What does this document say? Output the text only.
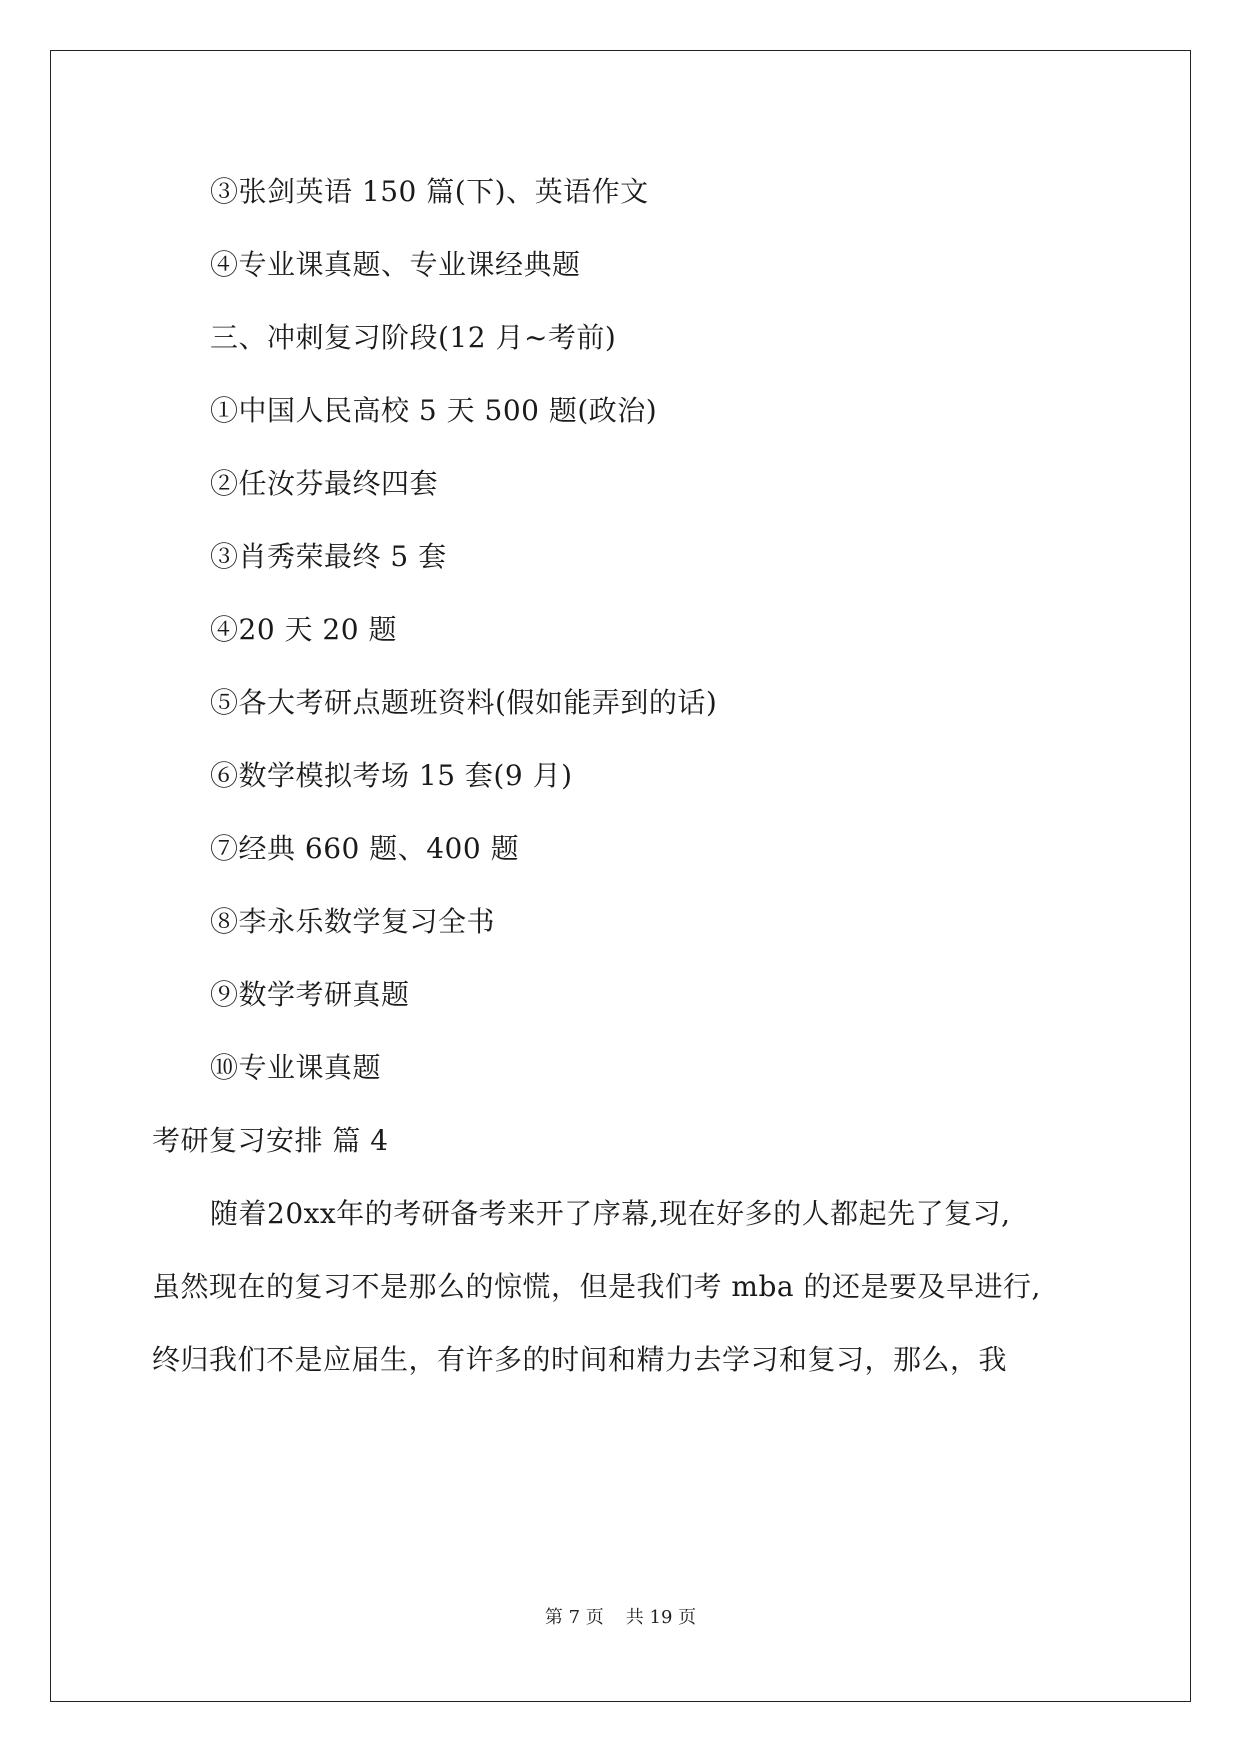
③张剑英语 150 篇(下)、英语作文
④专业课真题、专业课经典题
三、冲刺复习阶段(12 月~考前)
①中国人民高校 5 天 500 题(政治)
②任汝芬最终四套
③肖秀荣最终 5 套
④20 天 20 题
⑤各大考研点题班资料(假如能弄到的话)
⑥数学模拟考场 15 套(9 月)
⑦经典 660 题、400 题
⑧李永乐数学复习全书
⑨数学考研真题
⑩专业课真题
考研复习安排 篇 4
随着20xx年的考研备考来开了序幕,现在好多的人都起先了复习,
虽然现在的复习不是那么的惊慌，但是我们考 mba 的还是要及早进行,
终归我们不是应届生，有许多的时间和精力去学习和复习，那么，我
第 7 页 共 19 页
